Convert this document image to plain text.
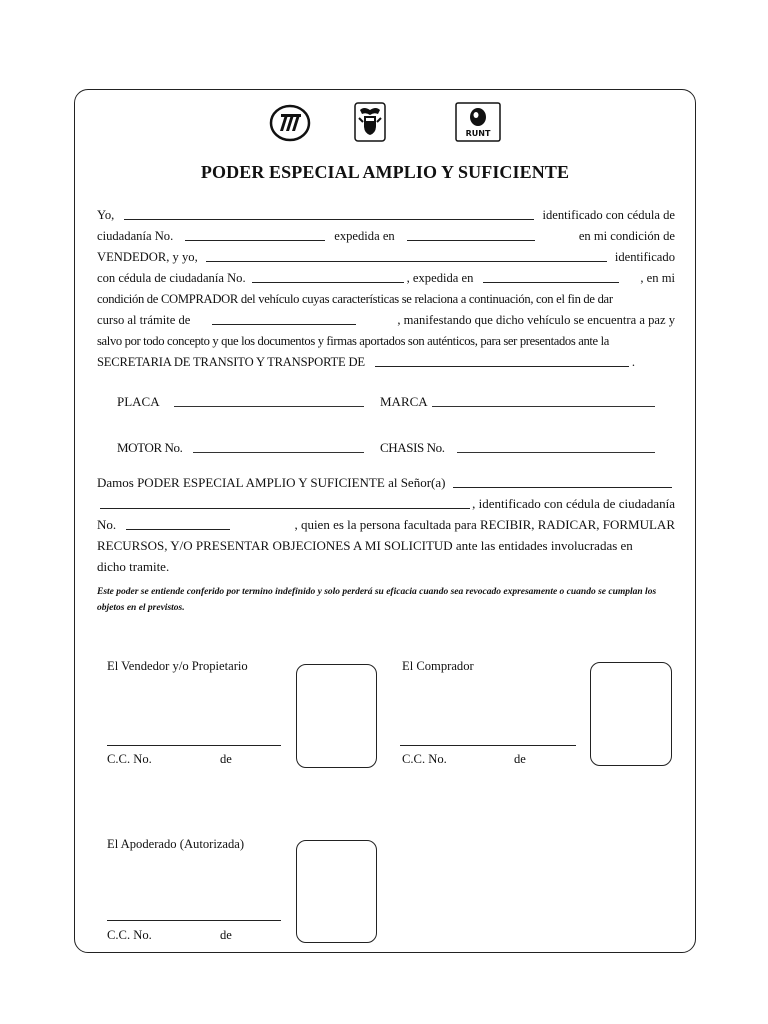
RUNT
PODER ESPECIAL AMPLIO Y SUFICIENTE
Yo,	identificado con cédula de
ciudadanía No.	expedida en	en mi condición de
VENDEDOR, y yo,	identificado
con cédula de ciudadanía No.	, expedida en	, en mi
condición de COMPRADOR del vehículo cuyas características se relaciona a continuación, con el fin de dar
curso al trámite de	, manifestando que dicho vehículo se encuentra a paz y
salvo por todo concepto y que los documentos y firmas aportados son auténticos, para ser presentados ante la
SECRETARIA DE TRANSITO Y TRANSPORTE DE	.
PLACA	MARCA
MOTOR No.	CHASIS No.
Damos PODER ESPECIAL AMPLIO Y SUFICIENTE al Señor(a)
, identificado con cédula de ciudadanía
No.	, quien es la persona facultada para RECIBIR, RADICAR, FORMULAR
RECURSOS, Y/O PRESENTAR OBJECIONES A MI SOLICITUD ante las entidades involucradas en
dicho tramite.
Este poder se entiende conferido por termino indefinido y solo perderá su eficacia cuando sea revocado expresamente o cuando se cumplan los objetos en el previstos.
El Vendedor y/o Propietario
C.C. No.	de
El Comprador
C.C. No.	de
El Apoderado (Autorizada)
C.C. No.	de
